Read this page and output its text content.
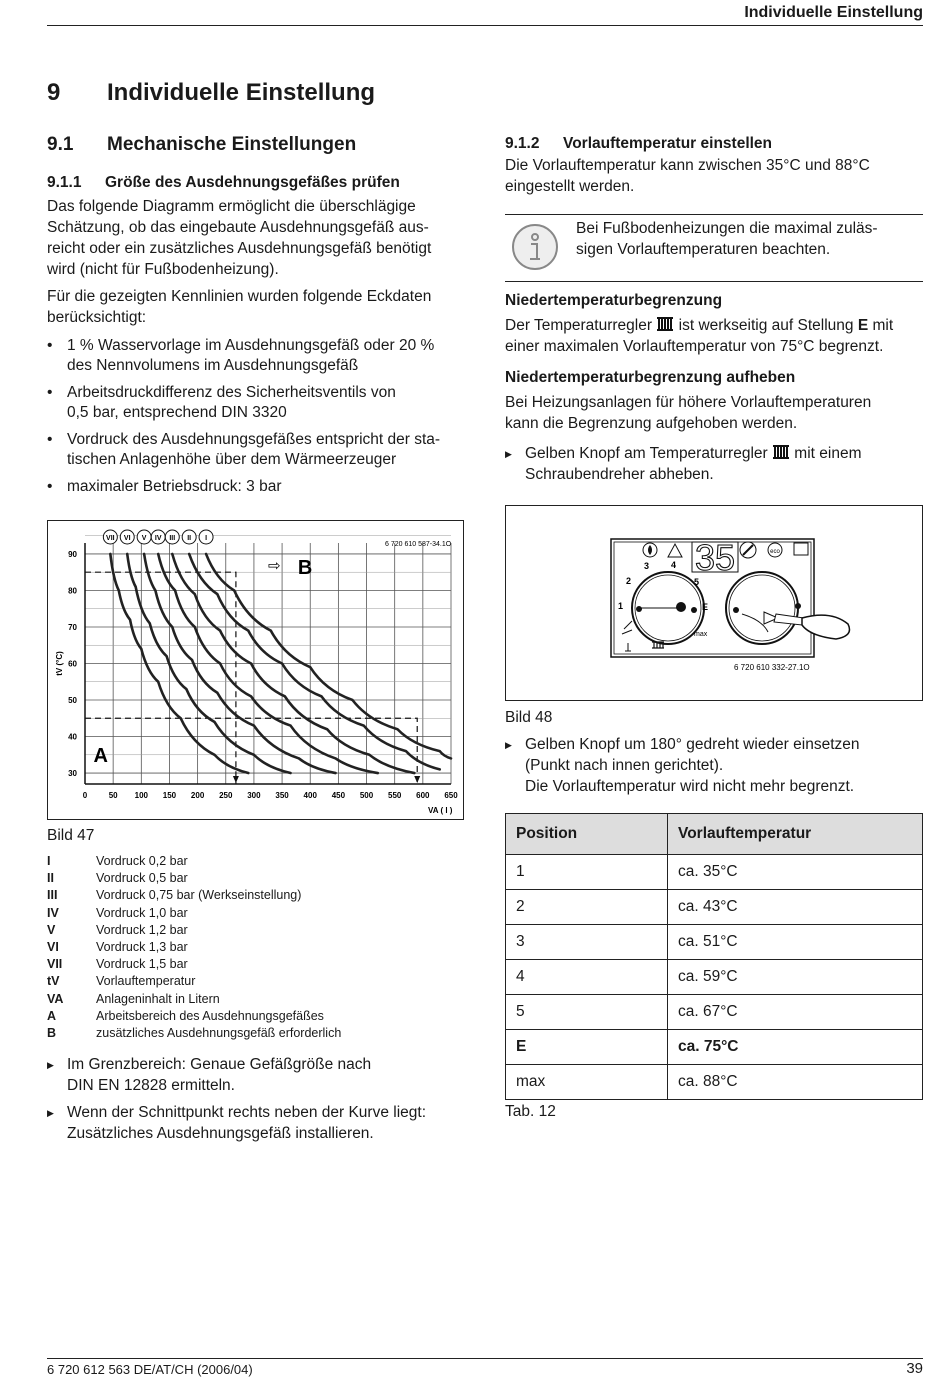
Individuelle Einstellung
9 Individuelle Einstellung
9.1 Mechanische Einstellungen
9.1.1 Größe des Ausdehnungsgefäßes prüfen
Das folgende Diagramm ermöglicht die überschlägige
Schätzung, ob das eingebaute Ausdehnungsgefäß aus-
reicht oder ein zusätzliches Ausdehnungsgefäß benötigt
wird (nicht für Fußbodenheizung).
Für die gezeigten Kennlinien wurden folgende Eckdaten
berücksichtigt:
• 1 % Wasservorlage im Ausdehnungsgefäß oder 20 %
des Nennvolumens im Ausdehnungsgefäß
• Arbeitsdruckdifferenz des Sicherheitsventils von
0,5 bar, entsprechend DIN 3320
• Vordruck des Ausdehnungsgefäßes entspricht der sta-
tischen Anlagenhöhe über dem Wärmeerzeuger
• maximaler Betriebsdruck: 3 bar
0	50 100 150 200 250 300 350 400 450 500 550 600 650
30
40
50
60
70
80
90
VII VI V IV III II I
A
⇨ B
6 720 610 587-34.1O
VA ( l )
tV (°C)
Bild 47
I	Vordruck 0,2 bar
II	Vordruck 0,5 bar
III	Vordruck 0,75 bar (Werkseinstellung)
IV	Vordruck 1,0 bar
V	Vordruck 1,2 bar
VI	Vordruck 1,3 bar
VII	Vordruck 1,5 bar
tV	Vorlauftemperatur
VA	Anlageninhalt in Litern
A	Arbeitsbereich des Ausdehnungsgefäßes
B	zusätzliches Ausdehnungsgefäß erforderlich
▶ Im Grenzbereich: Genaue Gefäßgröße nach
DIN EN 12828 ermitteln.
▶ Wenn der Schnittpunkt rechts neben der Kurve liegt:
Zusätzliches Ausdehnungsgefäß installieren.
9.1.2 Vorlauftemperatur einstellen
Die Vorlauftemperatur kann zwischen 35°C und 88°C
eingestellt werden.
Bei Fußbodenheizungen die maximal zuläs-
sigen Vorlauftemperaturen beachten.
Niedertemperaturbegrenzung
Der Temperaturregler  ist werkseitig auf Stellung E mit
einer maximalen Vorlauftemperatur von 75°C begrenzt.
Niedertemperaturbegrenzung aufheben
Bei Heizungsanlagen für höhere Vorlauftemperaturen
kann die Begrenzung aufgehoben werden.
▶ Gelben Knopf am Temperaturregler  mit einem
Schraubendreher abheben.
35	eco
2
1
3 4
5
E
max
6 720 610 332-27.1O
Bild 48
▶ Gelben Knopf um 180° gedreht wieder einsetzen
(Punkt nach innen gerichtet).
Die Vorlauftemperatur wird nicht mehr begrenzt.
Position	Vorlauftemperatur
1	ca. 35°C
2	ca. 43°C
3	ca. 51°C
4	ca. 59°C
5	ca. 67°C
E	ca. 75°C
max	ca. 88°C
Tab. 12
6 720 612 563 DE/AT/CH (2006/04)	39
